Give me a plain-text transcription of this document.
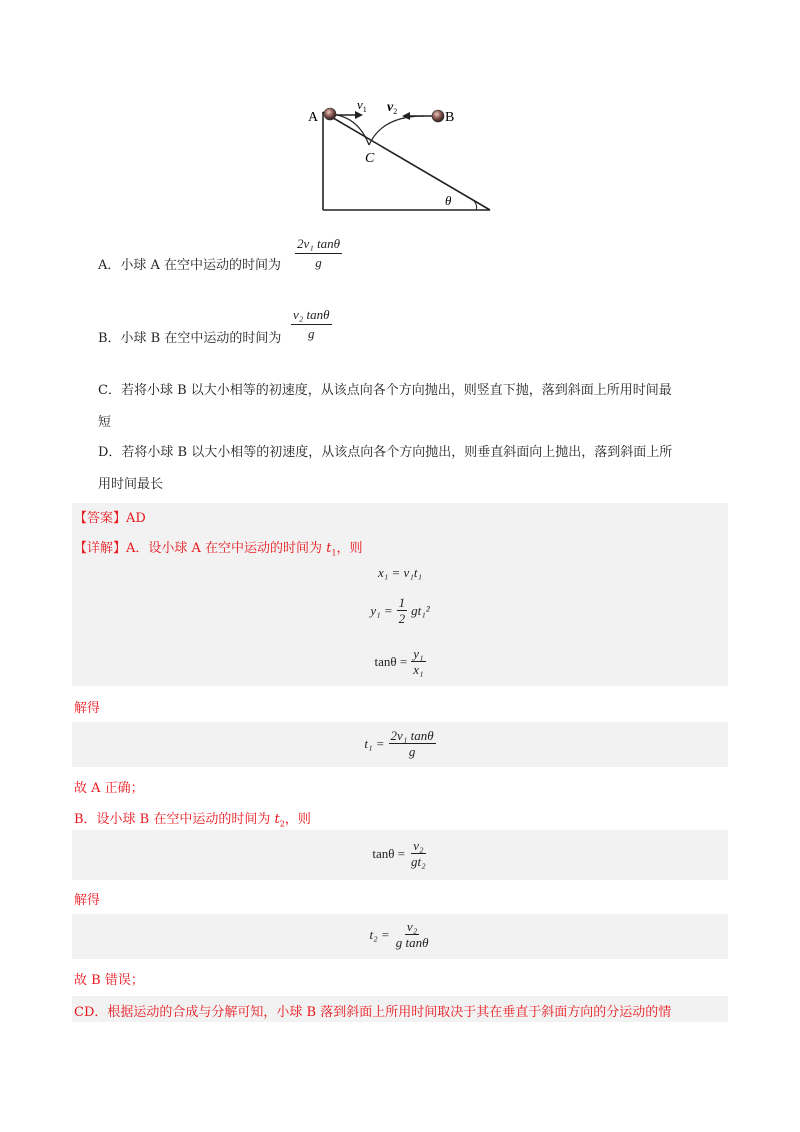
A	B
C
$v_1$ $v_2$
θ
$\frac{\text{2v₁ tanθ}}{g}$
A．小球 A 在空中运动的时间为
$\frac{\text{v₂ tanθ}}{g}$
B．小球 B 在空中运动的时间为
C．若将小球 B 以大小相等的初速度，从该点向各个方向抛出，则竖直下抛，落到斜面上所用时间最
短
D．若将小球 B 以大小相等的初速度，从该点向各个方向抛出，则垂直斜面向上抛出，落到斜面上所
用时间最长
【答案】AD
【详解】A．设小球 A 在空中运动的时间为 $t_1$，则
x₁ = v₁t₁
$y_1 = \frac{1}{2} gt_1^2$
$\tan\theta = \frac{\text{y₁}}{\text{x₁}}$
解得
$t_1 = \frac{\text{2v₁ tanθ}}{g}$
故 A 正确；
B．设小球 B 在空中运动的时间为 $t_2$，则
$\tan\theta = \frac{\text{v₂}}{\text{gt₂}}$
解得
$t_2 = \frac{\text{v₂}}{\text{g tanθ}}$
故 B 错误；
CD．根据运动的合成与分解可知，小球 B 落到斜面上所用时间取决于其在垂直于斜面方向的分运动的情
